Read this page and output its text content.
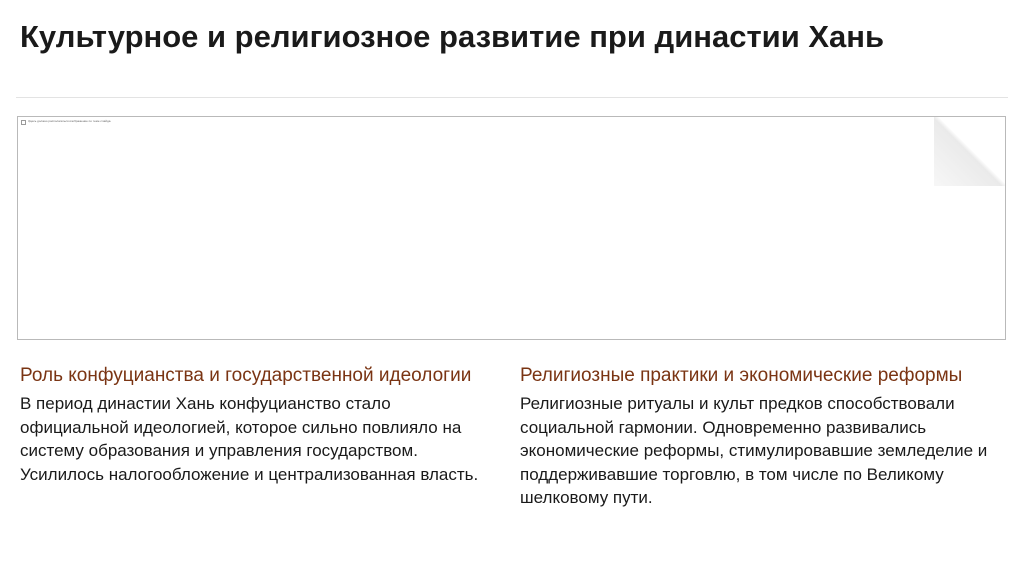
Культурное и религиозное развитие при династии Хань
Здесь должно располагаться изображение по теме слайда.
Роль конфуцианства и государственной идеологии

В период династии Хань конфуцианство стало официальной идеологией, которое сильно повлияло на систему образования и управления государством. Усилилось налогообложение и централизованная власть.

Религиозные практики и экономические реформы

Религиозные ритуалы и культ предков способствовали социальной гармонии. Одновременно развивались экономические реформы, стимулировавшие земледелие и поддерживавшие торговлю, в том числе по Великому шелковому пути.
